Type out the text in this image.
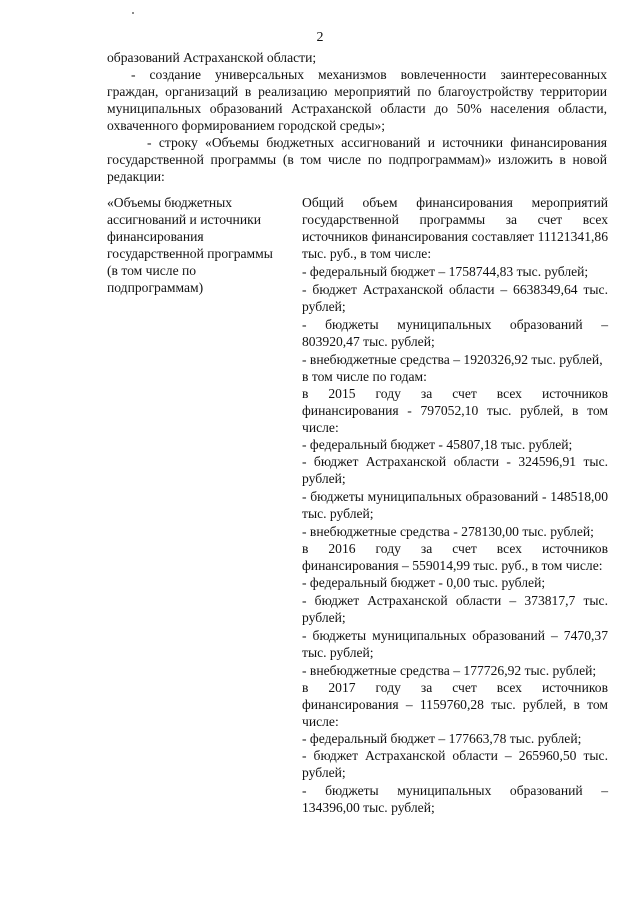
2

образований Астраханской области;

- создание универсальных механизмов вовлеченности заинтересованных граждан, организаций в реализацию мероприятий по благоустройству территории муниципальных образований Астраханской области до 50% населения области, охваченного формированием городской среды»;

- строку «Объемы бюджетных ассигнований и источники финансирования государственной программы (в том числе по подпрограммам)» изложить в новой редакции:

«Объемы бюджетных ассигнований и источники финансирования государственной программы (в том числе по подпрограммам)

Общий объем финансирования мероприятий государственной программы за счет всех источников финансирования составляет 11121341,86 тыс. руб., в том числе:

- федеральный бюджет – 1758744,83 тыс. рублей;

- бюджет Астраханской области – 6638349,64 тыс. рублей;

- бюджеты муниципальных образований – 803920,47 тыс. рублей;

- внебюджетные средства – 1920326,92 тыс. рублей,

в том числе по годам:

в 2015 году за счет всех источников финансирования - 797052,10 тыс. рублей, в том числе:

- федеральный бюджет - 45807,18 тыс. рублей;

- бюджет Астраханской области - 324596,91 тыс. рублей;

- бюджеты муниципальных образований - 148518,00 тыс. рублей;

- внебюджетные средства - 278130,00 тыс. рублей;

в 2016 году за счет всех источников финансирования – 559014,99 тыс. руб., в том числе:

- федеральный бюджет - 0,00 тыс. рублей;

- бюджет Астраханской области – 373817,7 тыс. рублей;

- бюджеты муниципальных образований – 7470,37 тыс. рублей;

- внебюджетные средства – 177726,92 тыс. рублей;

в 2017 году за счет всех источников финансирования – 1159760,28 тыс. рублей, в том числе:

- федеральный бюджет – 177663,78 тыс. рублей;

- бюджет Астраханской области – 265960,50 тыс. рублей;

- бюджеты муниципальных образований – 134396,00 тыс. рублей;
